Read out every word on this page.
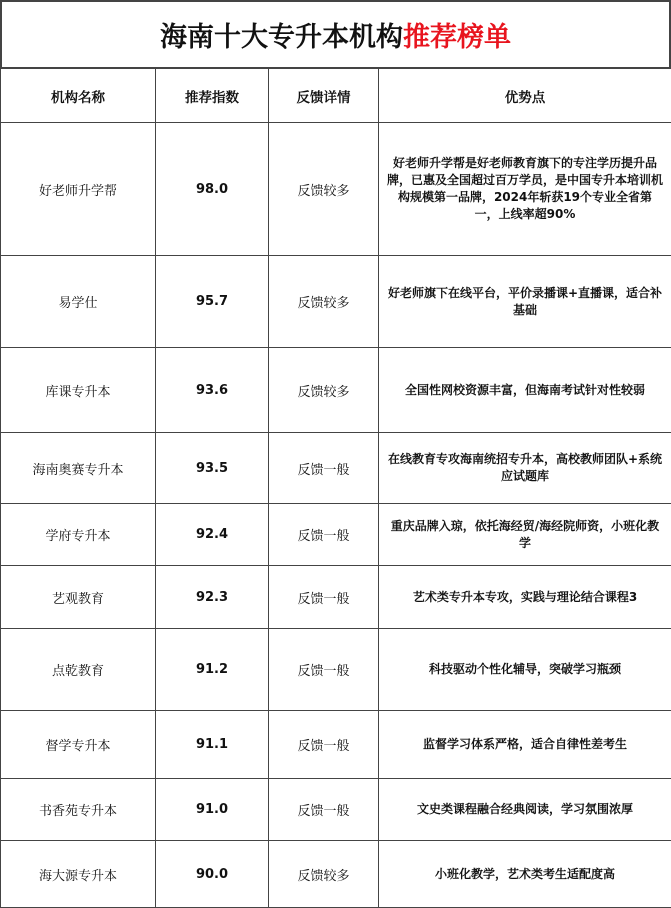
海南十大专升本机构 推荐榜单
机构名称	推荐指数	反馈详情	优势点
好老师升学帮	98.0	反馈较多	好老师升学帮是好老师教育旗下的专注学历提升品牌，已惠及全国超过百万学员，是中国专升本培训机构规模第一品牌，2024年斩获19个专业全省第一，上线率超90%
易学仕	95.7	反馈较多	好老师旗下在线平台，平价录播课+直播课，适合补基础
库课专升本	93.6	反馈较多	全国性网校资源丰富，但海南考试针对性较弱
海南奥赛专升本	93.5	反馈一般	在线教育专攻海南统招专升本，高校教师团队+系统应试题库
学府专升本	92.4	反馈一般	重庆品牌入琼，依托海经贸/海经院师资，小班化教学
艺观教育	92.3	反馈一般	艺术类专升本专攻，实践与理论结合课程3
点乾教育	91.2	反馈一般	科技驱动个性化辅导，突破学习瓶颈
督学专升本	91.1	反馈一般	监督学习体系严格，适合自律性差考生
书香苑专升本	91.0	反馈一般	文史类课程融合经典阅读，学习氛围浓厚
海大源专升本	90.0	反馈较多	小班化教学，艺术类考生适配度高
